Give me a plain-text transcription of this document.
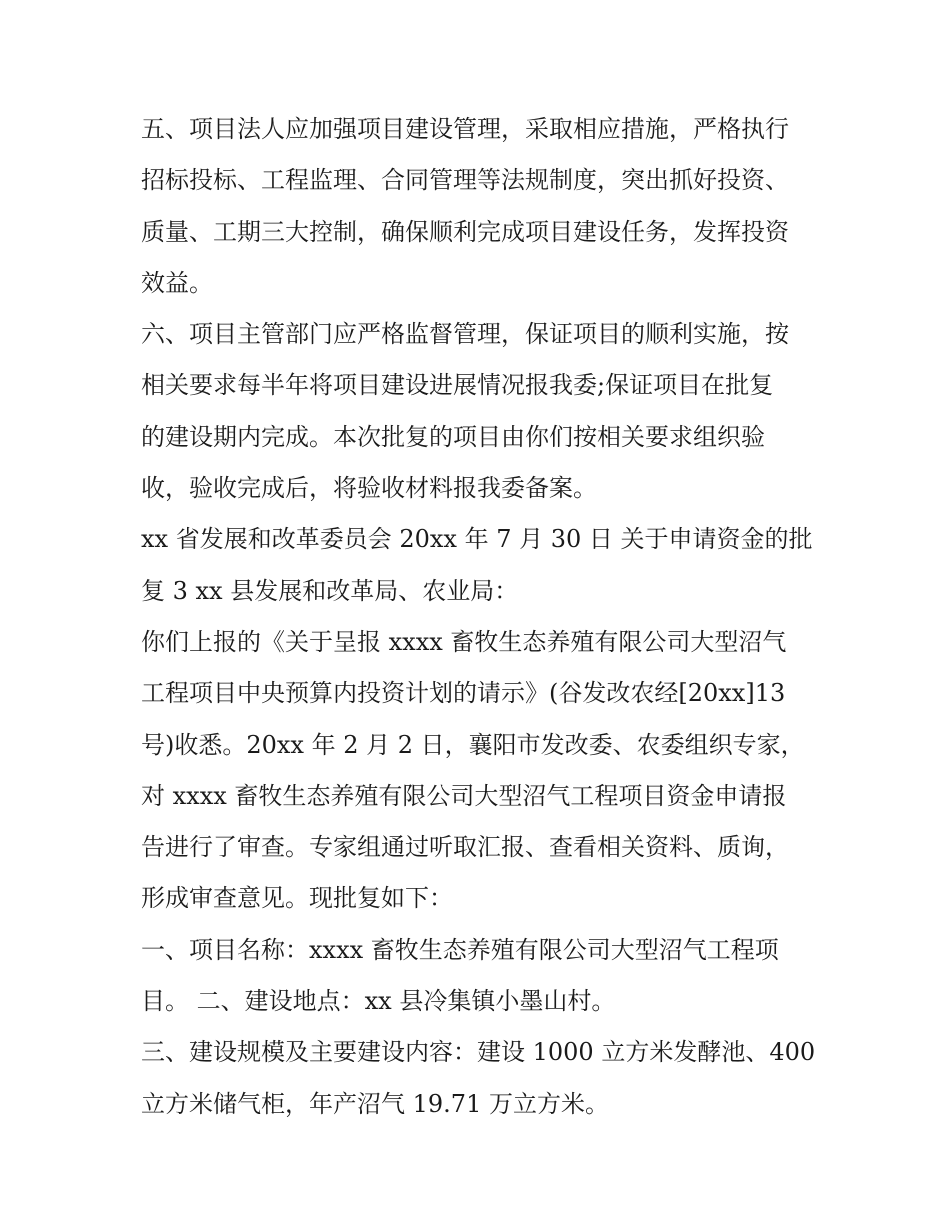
五、项目法人应加强项目建设管理，采取相应措施，严格执行
招标投标、工程监理、合同管理等法规制度，突出抓好投资、
质量、工期三大控制，确保顺利完成项目建设任务，发挥投资
效益。
六、项目主管部门应严格监督管理，保证项目的顺利实施，按
相关要求每半年将项目建设进展情况报我委;保证项目在批复
的建设期内完成。本次批复的项目由你们按相关要求组织验
收，验收完成后，将验收材料报我委备案。
xx 省发展和改革委员会 20xx 年 7 月 30 日 关于申请资金的批
复 3 xx 县发展和改革局、农业局：
你们上报的《关于呈报 xxxx 畜牧生态养殖有限公司大型沼气
工程项目中央预算内投资计划的请示》(谷发改农经[20xx]13
号)收悉。20xx 年 2 月 2 日，襄阳市发改委、农委组织专家，
对 xxxx 畜牧生态养殖有限公司大型沼气工程项目资金申请报
告进行了审查。专家组通过听取汇报、查看相关资料、质询，
形成审查意见。现批复如下：
一、项目名称：xxxx 畜牧生态养殖有限公司大型沼气工程项
目。 二、建设地点：xx 县冷集镇小墨山村。
三、建设规模及主要建设内容：建设 1000 立方米发酵池、400
立方米储气柜，年产沼气 19.71 万立方米。
